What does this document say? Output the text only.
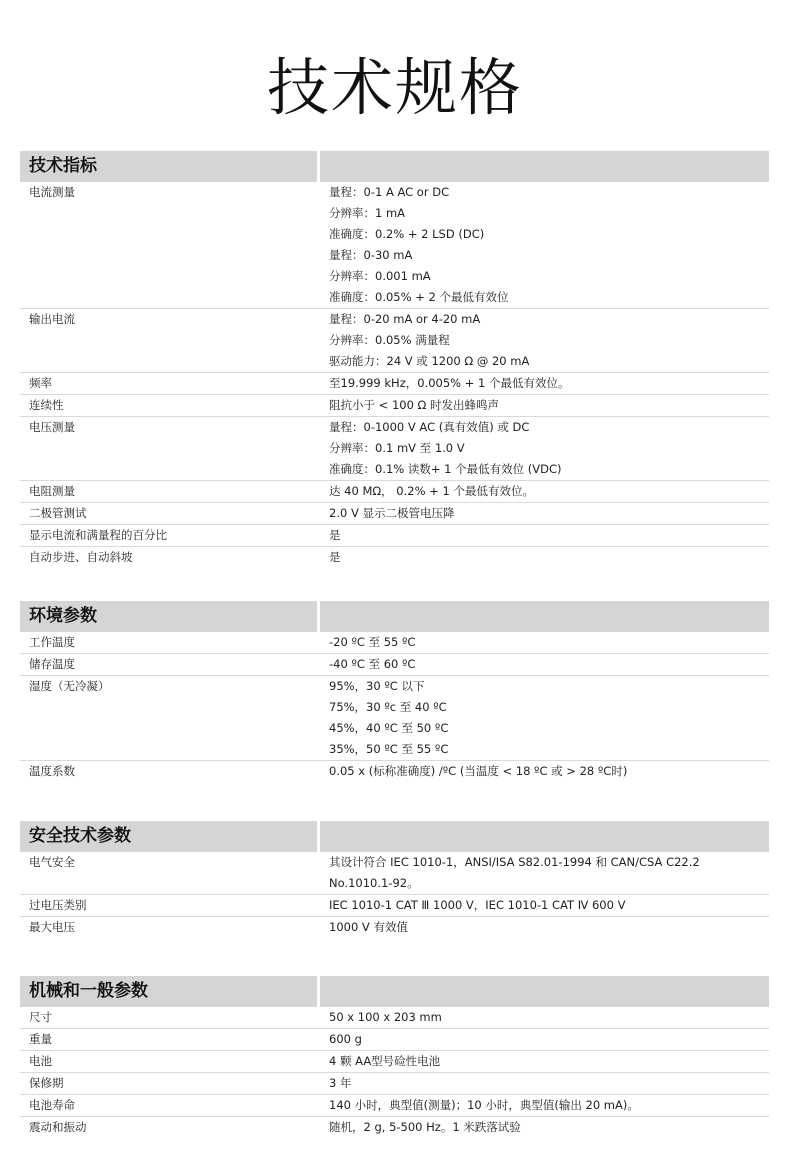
技术规格
技术指标
电流测量	量程：0-1 A AC or DC
分辨率：1 mA
准确度：0.2% + 2 LSD (DC)
量程：0-30 mA
分辨率：0.001 mA
准确度：0.05% + 2 个最低有效位
输出电流	量程：0-20 mA or 4-20 mA
分辨率：0.05% 满量程
驱动能力：24 V 或 1200 Ω @ 20 mA
频率	至19.999 kHz，0.005% + 1 个最低有效位。
连续性	阻抗小于 < 100 Ω 时发出蜂鸣声
电压测量	量程：0-1000 V AC (真有效值) 或 DC
分辨率：0.1 mV 至 1.0 V
准确度：0.1% 读数+ 1 个最低有效位 (VDC)
电阻测量	达 40 MΩ， 0.2% + 1 个最低有效位。
二极管测试	2.0 V 显示二极管电压降
显示电流和满量程的百分比	是
自动步进、自动斜坡	是
环境参数
工作温度	-20 ºC 至 55 ºC
储存温度	-40 ºC 至 60 ºC
湿度（无冷凝）	95%，30 ºC 以下
75%，30 ºc 至 40 ºC
45%，40 ºC 至 50 ºC
35%，50 ºC 至 55 ºC
温度系数	0.05 x (标称准确度) /ºC (当温度 < 18 ºC 或 > 28 ºC时)
安全技术参数
电气安全	其设计符合 IEC 1010-1，ANSI/ISA S82.01-1994 和 CAN/CSA C22.2
No.1010.1-92。
过电压类别	IEC 1010-1 CAT Ⅲ 1000 V，IEC 1010-1 CAT Ⅳ 600 V
最大电压	1000 V 有效值
机械和一般参数
尺寸	50 x 100 x 203 mm
重量	600 g
电池	4 颗 AA型号硷性电池
保修期	3 年
电池寿命	140 小时，典型值(测量)；10 小时，典型值(输出 20 mA)。
震动和振动	随机，2 g, 5-500 Hz。1 米跌落试验
